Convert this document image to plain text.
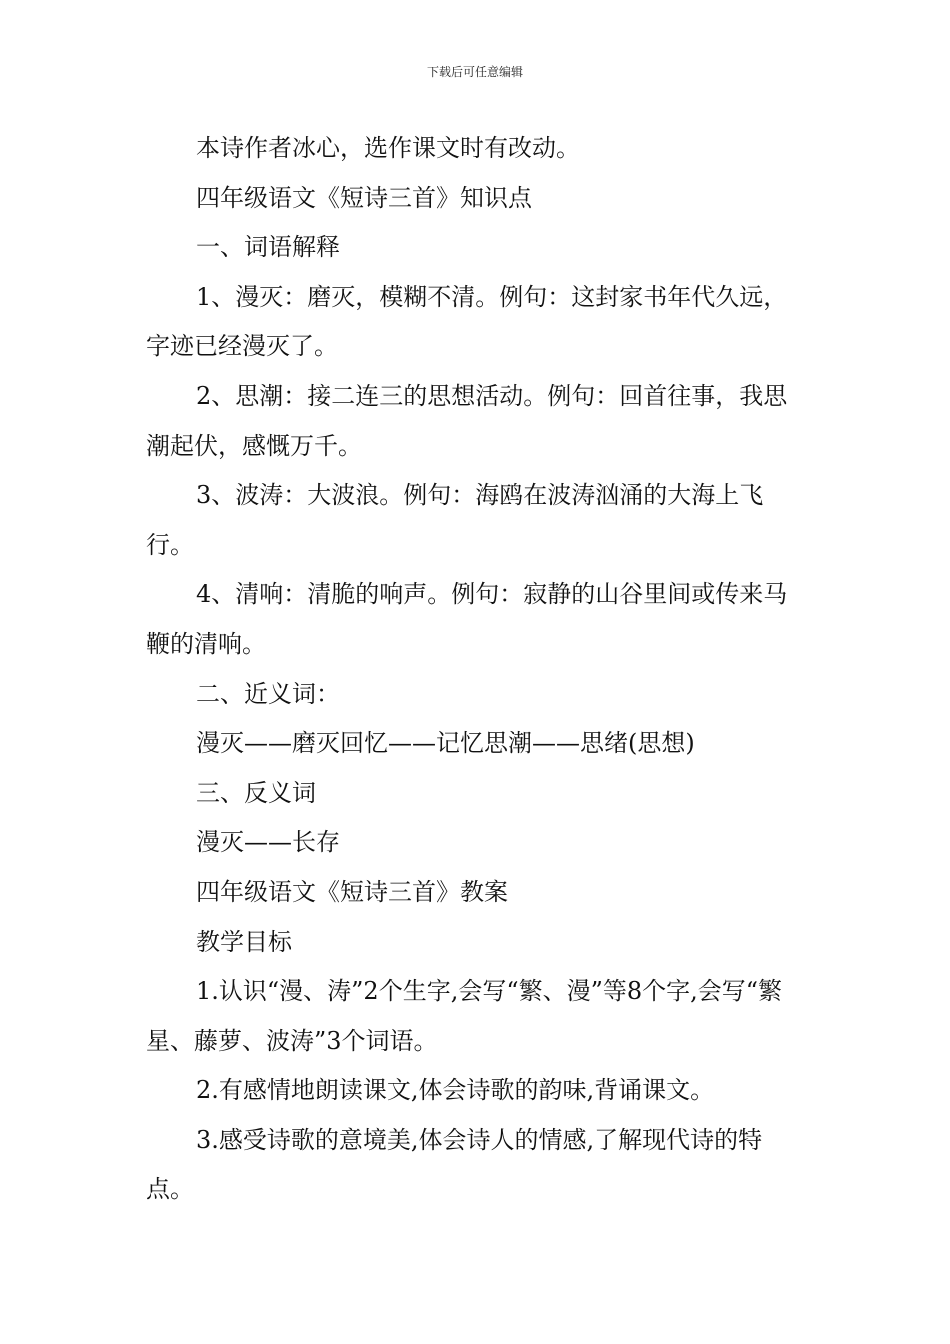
下载后可任意编辑

本诗作者冰心，选作课文时有改动。

四年级语文《短诗三首》知识点

一、词语解释

1、漫灭：磨灭，模糊不清。例句：这封家书年代久远，字迹已经漫灭了。

2、思潮：接二连三的思想活动。例句：回首往事，我思潮起伏，感慨万千。

3、波涛：大波浪。例句：海鸥在波涛汹涌的大海上飞行。

4、清响：清脆的响声。例句：寂静的山谷里间或传来马鞭的清响。

二、近义词：

漫灭——磨灭回忆——记忆思潮——思绪(思想)

三、反义词

漫灭——长存

四年级语文《短诗三首》教案

教学目标

1.认识“漫、涛”2个生字,会写“繁、漫”等8个字,会写“繁星、藤萝、波涛”3个词语。

2.有感情地朗读课文,体会诗歌的韵味,背诵课文。

3.感受诗歌的意境美,体会诗人的情感,了解现代诗的特点。
